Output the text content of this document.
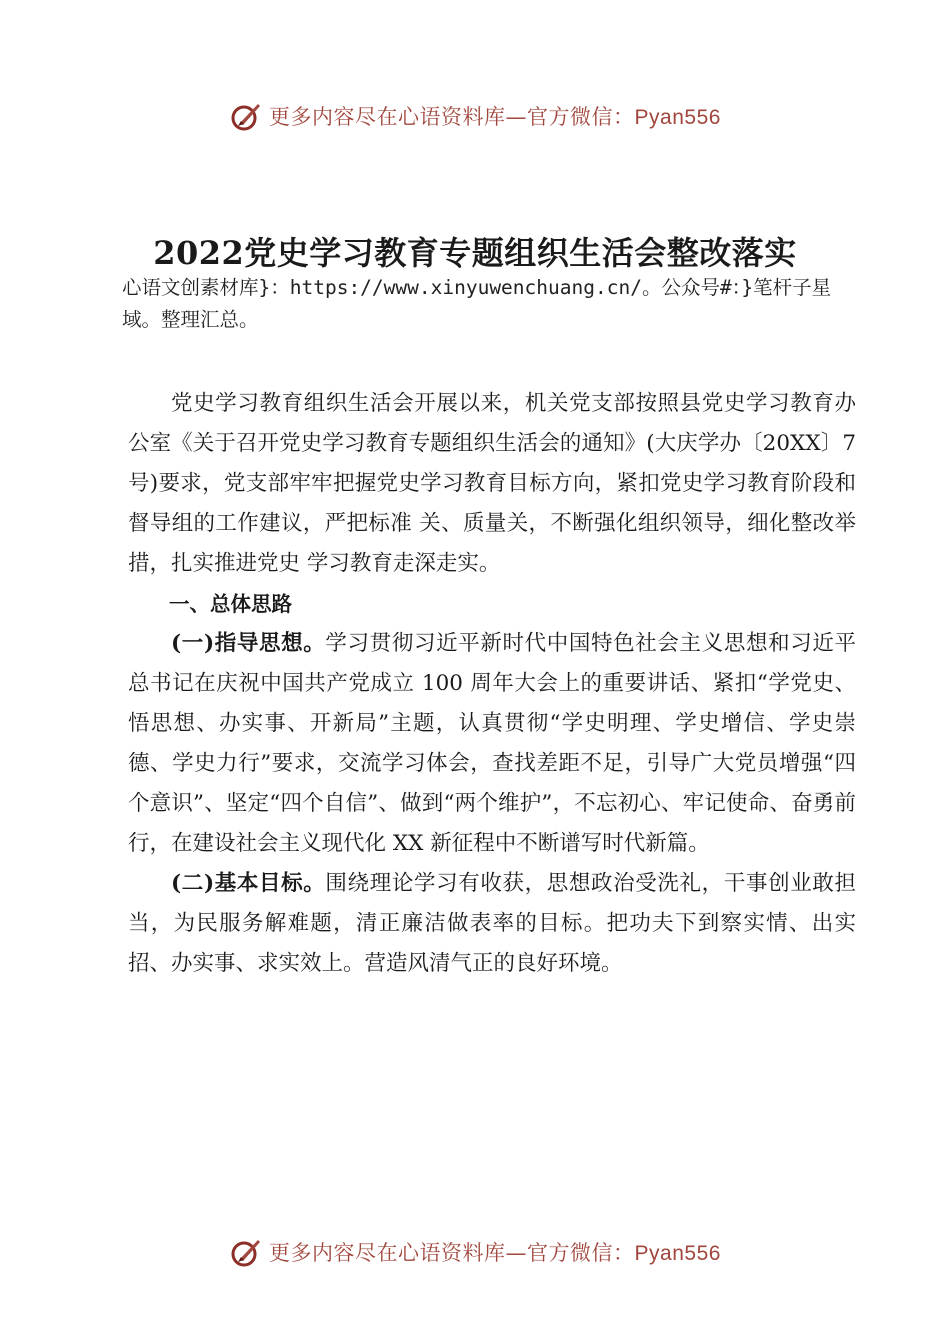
更多内容尽在心语资料库—官方微信：Pyan556
2022党史学习教育专题组织生活会整改落实
心语文创素材库}：https://www.xinyuwenchuang.cn/。公众号#：}笔杆子星域。整理汇总。

党史学习教育组织生活会开展以来，机关党支部按照县党史学习教育办公室《关于召开党史学习教育专题组织生活会的通知》(大庆学办〔20XX〕7 号)要求，党支部牢牢把握党史学习教育目标方向，紧扣党史学习教育阶段和督导组的工作建议，严把标准 关、质量关，不断强化组织领导，细化整改举措，扎实推进党史 学习教育走深走实。

一、总体思路

(一)指导思想。学习贯彻习近平新时代中国特色社会主义思想和习近平总书记在庆祝中国共产党成立 100 周年大会上的重要讲话、紧扣“学党史、悟思想、办实事、开新局”主题，认真贯彻“学史明理、学史增信、学史崇德、学史力行”要求，交流学习体会，查找差距不足，引导广大党员增强“四个意识”、坚定“四个自信”、做到“两个维护”，不忘初心、牢记使命、奋勇前行，在建设社会主义现代化 XX 新征程中不断谱写时代新篇。

(二)基本目标。围绕理论学习有收获，思想政治受洗礼，干事创业敢担当，为民服务解难题，清正廉洁做表率的目标。把功夫下到察实情、出实招、办实事、求实效上。营造风清气正的良好环境。

更多内容尽在心语资料库—官方微信：Pyan556
